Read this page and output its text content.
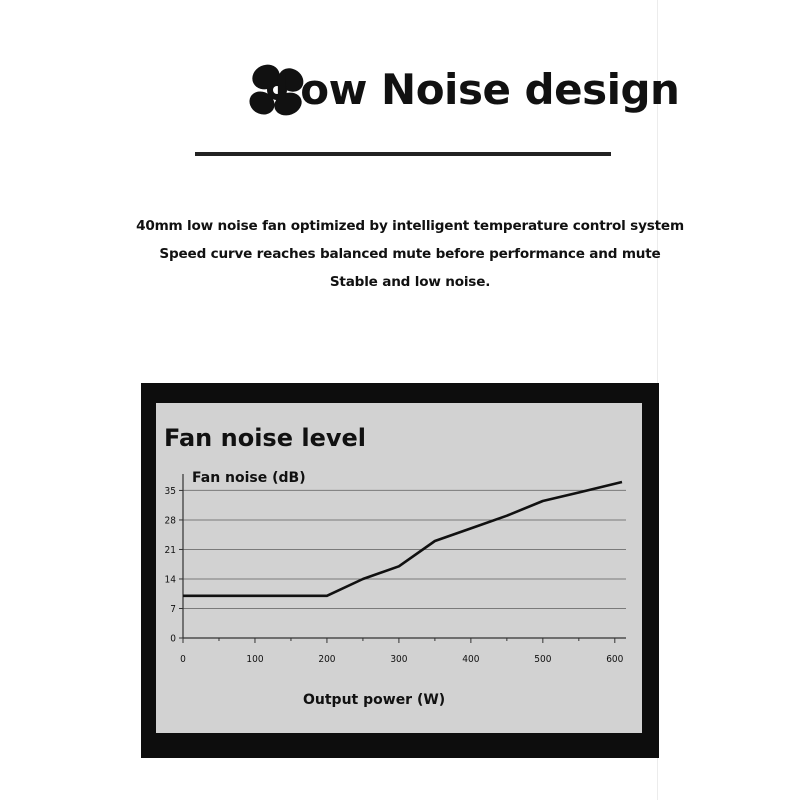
Low Noise design
40mm low noise fan optimized by intelligent temperature control system
Speed curve reaches balanced mute before performance and mute
Stable and low noise.
Fan noise level
Fan noise (dB)
Output power (W)
0
7
14
21
28
35
0	100	200	300	400	500	600
